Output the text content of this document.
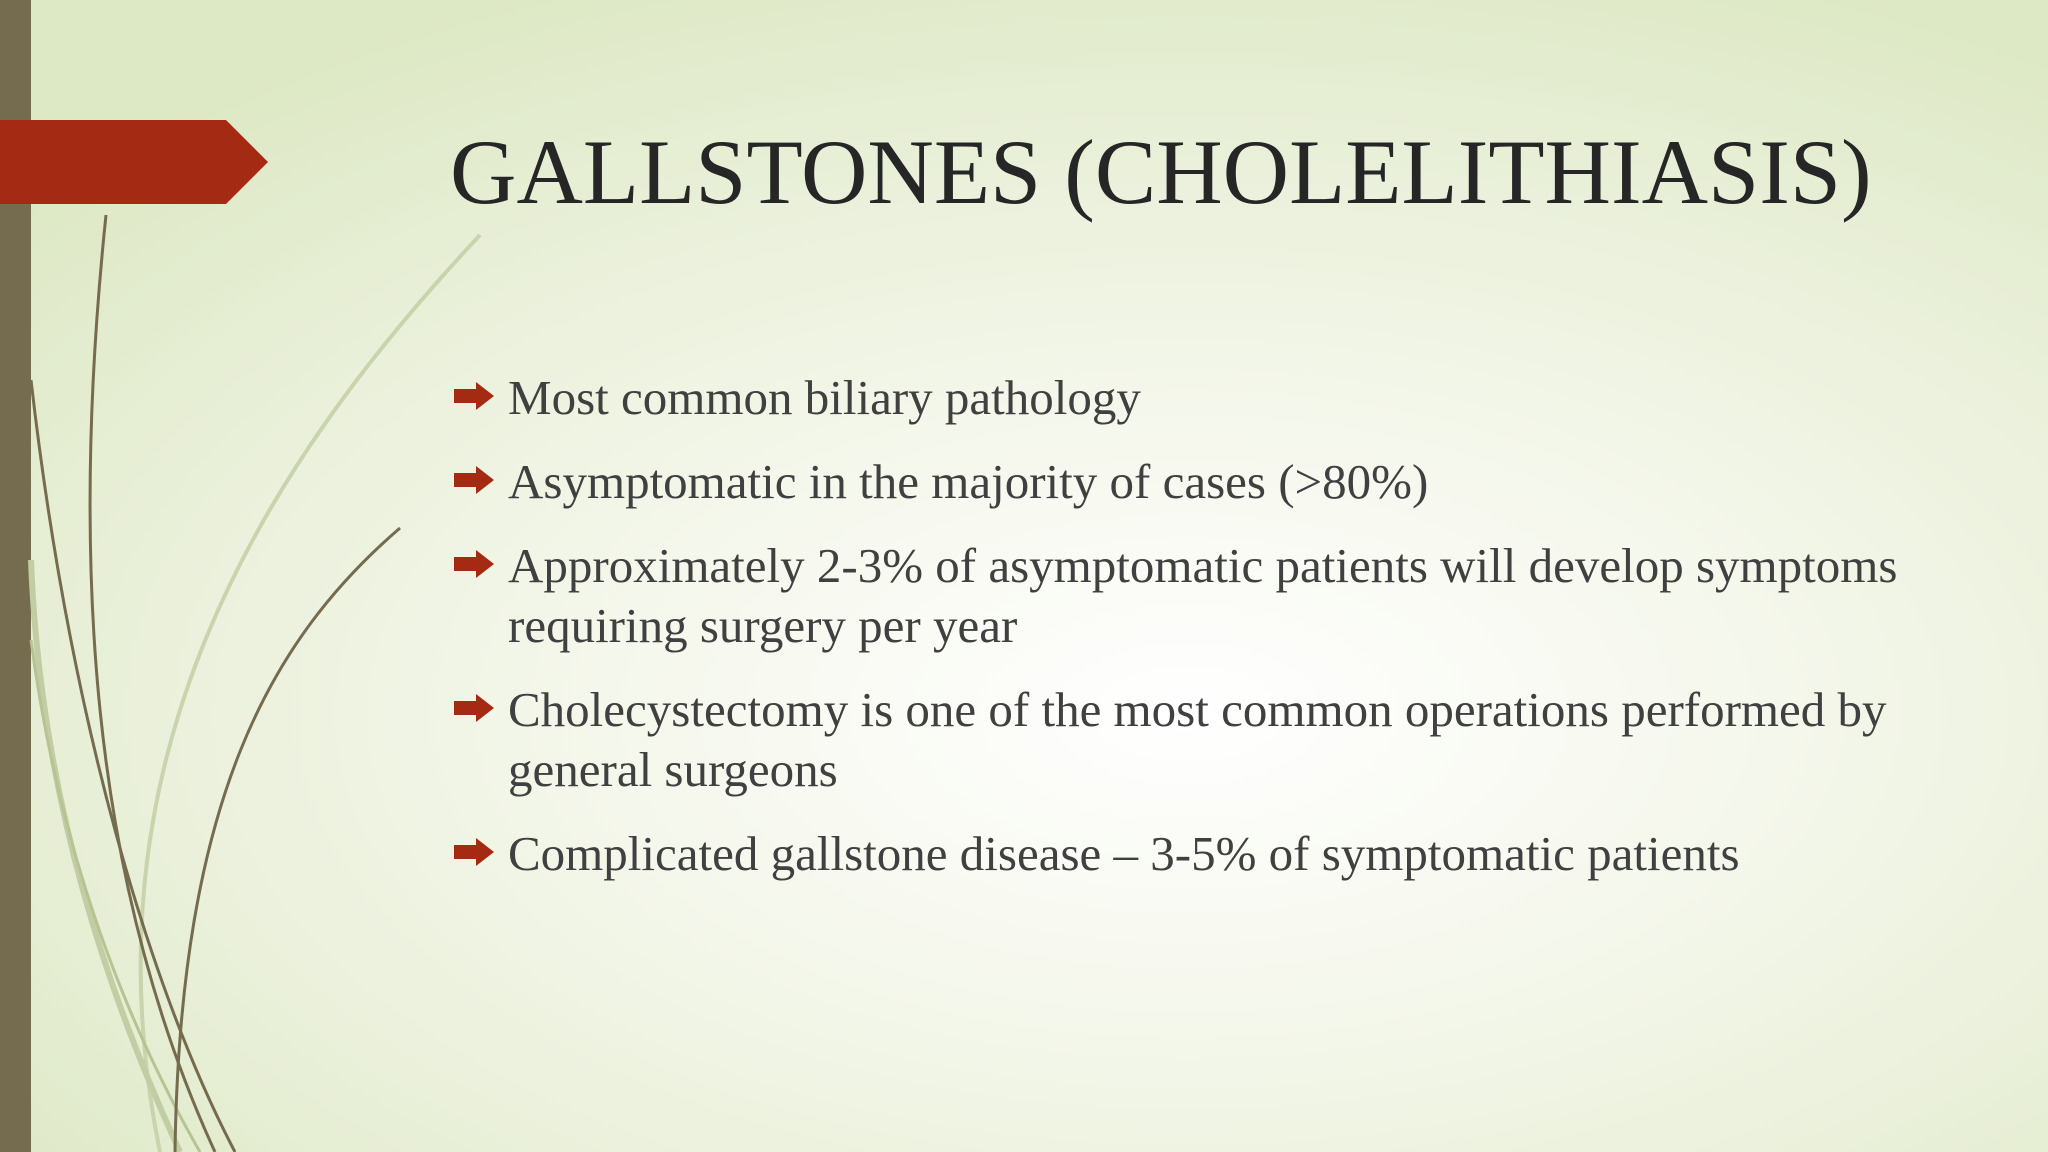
GALLSTONES (CHOLELITHIASIS)
Most common biliary pathology
Asymptomatic in the majority of cases (>80%)
Approximately 2-3% of asymptomatic patients will develop symptoms requiring surgery per year
Cholecystectomy is one of the most common operations performed by general surgeons
Complicated gallstone disease – 3-5% of symptomatic patients
